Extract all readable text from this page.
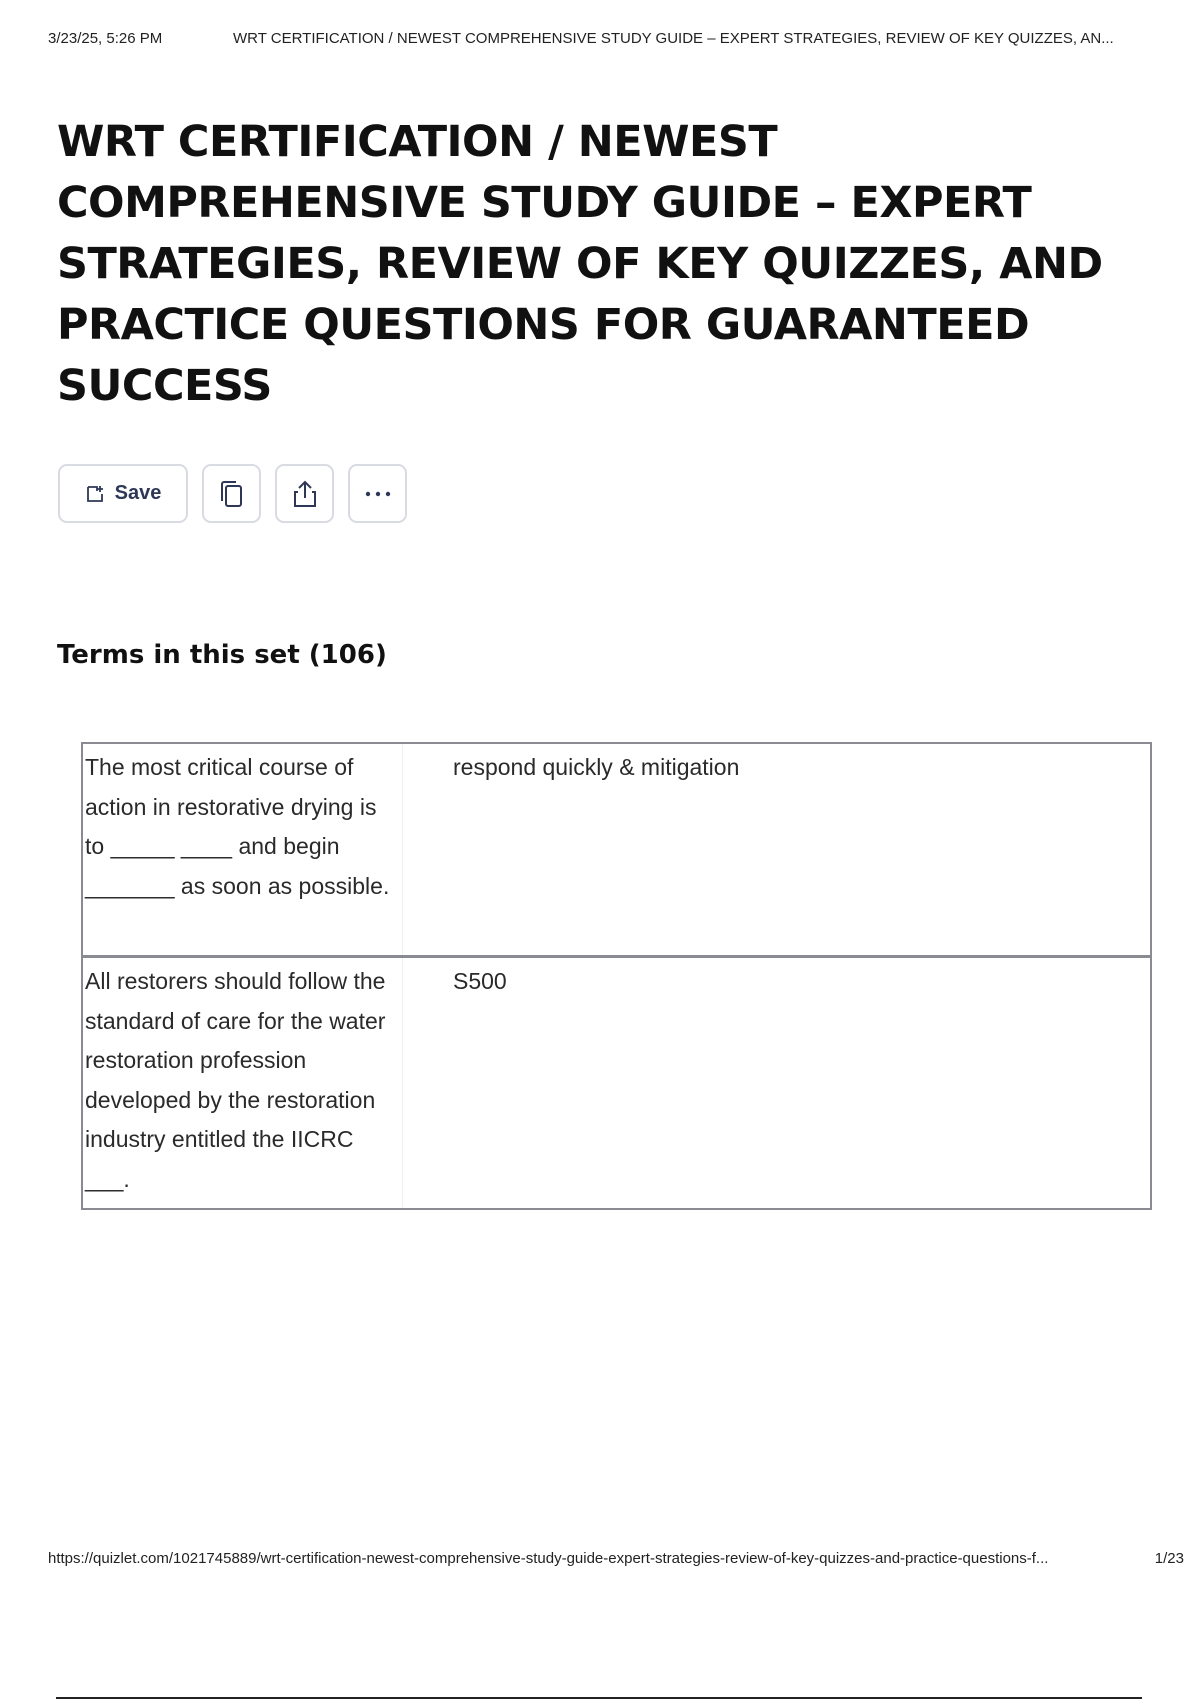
3/23/25, 5:26 PM	WRT CERTIFICATION / NEWEST COMPREHENSIVE STUDY GUIDE – EXPERT STRATEGIES, REVIEW OF KEY QUIZZES, AN...
WRT CERTIFICATION / NEWEST COMPREHENSIVE STUDY GUIDE – EXPERT STRATEGIES, REVIEW OF KEY QUIZZES, AND PRACTICE QUESTIONS FOR GUARANTEED SUCCESS
Save
Terms in this set (106)
The most critical course of action in restorative drying is to _____ ____ and begin _______ as soon as possible.
respond quickly & mitigation
All restorers should follow the standard of care for the water restoration profession developed by the restoration industry entitled the IICRC ___.
S500
https://quizlet.com/1021745889/wrt-certification-newest-comprehensive-study-guide-expert-strategies-review-of-key-quizzes-and-practice-questions-f...	1/23
